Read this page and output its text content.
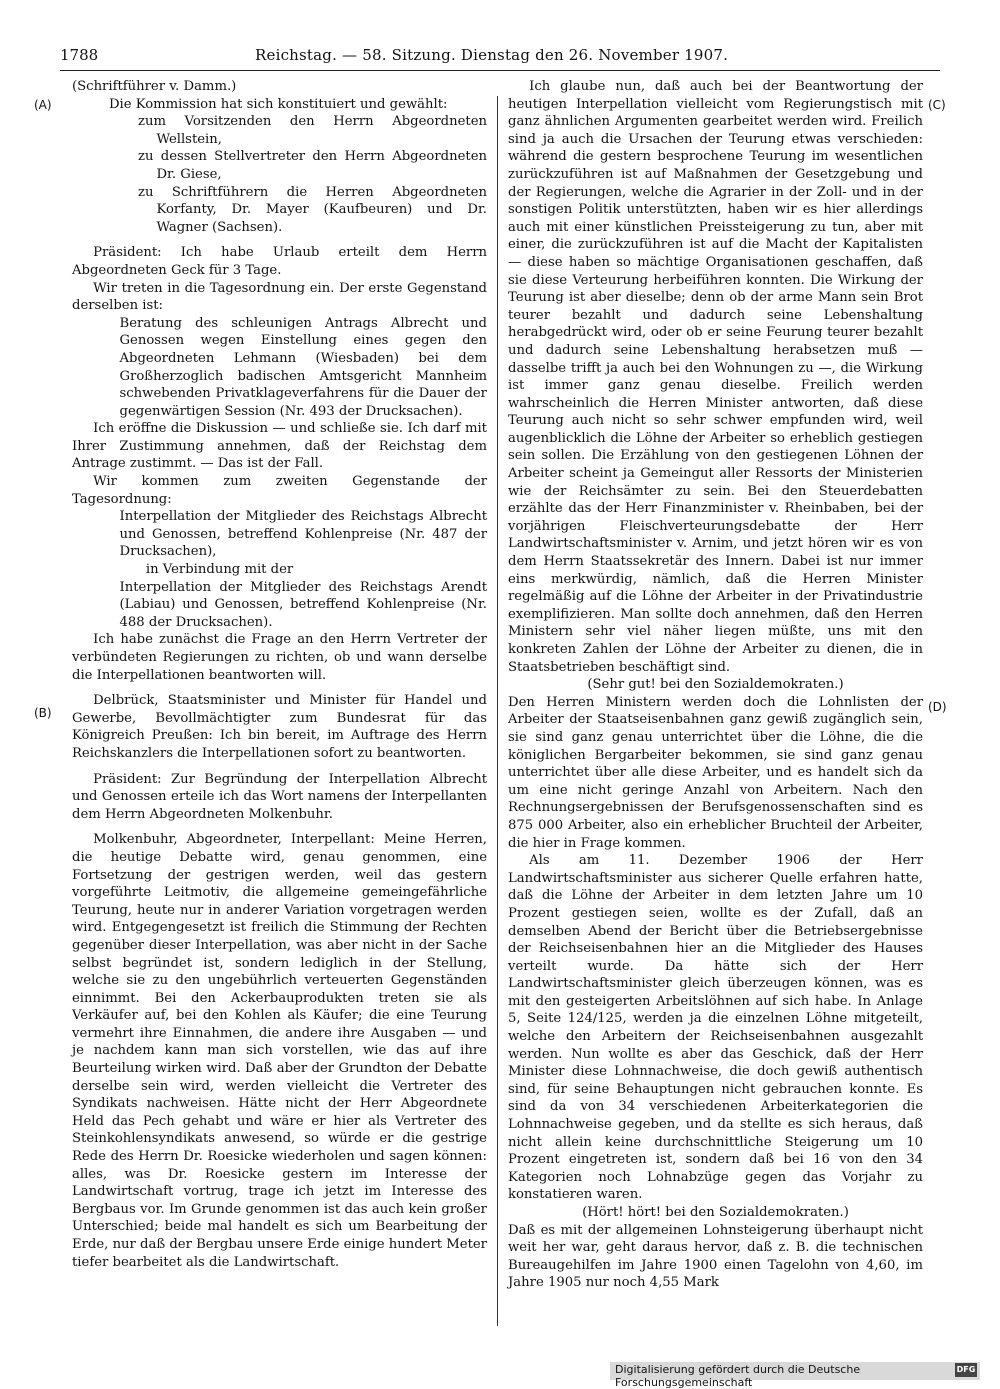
1788	Reichstag. — 58. Sitzung. Dienstag den 26. November 1907.
(A)
(B)
(C)
(D)

(Schriftführer v. Damm.)

Die Kommission hat sich konstituiert und gewählt:

zum Vorsitzenden den Herrn Abgeordneten Wellstein,

zu dessen Stellvertreter den Herrn Abgeordneten Dr. Giese,

zu Schriftführern die Herren Abgeordneten Korfanty, Dr. Mayer (Kaufbeuren) und Dr. Wagner (Sachsen).

Präsident: Ich habe Urlaub erteilt dem Herrn Abgeordneten Geck für 3 Tage.

Wir treten in die Tagesordnung ein. Der erste Gegenstand derselben ist:

Beratung des schleunigen Antrags Albrecht und Genossen wegen Einstellung eines gegen den Abgeordneten Lehmann (Wiesbaden) bei dem Großherzoglich badischen Amtsgericht Mannheim schwebenden Privatklageverfahrens für die Dauer der gegenwärtigen Session (Nr. 493 der Drucksachen).

Ich eröffne die Diskussion — und schließe sie. Ich darf mit Ihrer Zustimmung annehmen, daß der Reichstag dem Antrage zustimmt. — Das ist der Fall.

Wir kommen zum zweiten Gegenstande der Tagesordnung:

Interpellation der Mitglieder des Reichstags Albrecht und Genossen, betreffend Kohlenpreise (Nr. 487 der Drucksachen),

in Verbindung mit der

Interpellation der Mitglieder des Reichstags Arendt (Labiau) und Genossen, betreffend Kohlenpreise (Nr. 488 der Drucksachen).

Ich habe zunächst die Frage an den Herrn Vertreter der verbündeten Regierungen zu richten, ob und wann derselbe die Interpellationen beantworten will.

Delbrück, Staatsminister und Minister für Handel und Gewerbe, Bevollmächtigter zum Bundesrat für das Königreich Preußen: Ich bin bereit, im Auftrage des Herrn Reichskanzlers die Interpellationen sofort zu beantworten.

Präsident: Zur Begründung der Interpellation Albrecht und Genossen erteile ich das Wort namens der Interpellanten dem Herrn Abgeordneten Molkenbuhr.

Molkenbuhr, Abgeordneter, Interpellant: Meine Herren, die heutige Debatte wird, genau genommen, eine Fortsetzung der gestrigen werden, weil das gestern vorgeführte Leitmotiv, die allgemeine gemeingefährliche Teurung, heute nur in anderer Variation vorgetragen werden wird. Entgegengesetzt ist freilich die Stimmung der Rechten gegenüber dieser Interpellation, was aber nicht in der Sache selbst begründet ist, sondern lediglich in der Stellung, welche sie zu den ungebührlich verteuerten Gegenständen einnimmt. Bei den Ackerbauprodukten treten sie als Verkäufer auf, bei den Kohlen als Käufer; die eine Teurung vermehrt ihre Einnahmen, die andere ihre Ausgaben — und je nachdem kann man sich vorstellen, wie das auf ihre Beurteilung wirken wird. Daß aber der Grundton der Debatte derselbe sein wird, werden vielleicht die Vertreter des Syndikats nachweisen. Hätte nicht der Herr Abgeordnete Held das Pech gehabt und wäre er hier als Vertreter des Steinkohlensyndikats anwesend, so würde er die gestrige Rede des Herrn Dr. Roesicke wiederholen und sagen können: alles, was Dr. Roesicke gestern im Interesse der Landwirtschaft vortrug, trage ich jetzt im Interesse des Bergbaus vor. Im Grunde genommen ist das auch kein großer Unterschied; beide mal handelt es sich um Bearbeitung der Erde, nur daß der Bergbau unsere Erde einige hundert Meter tiefer bearbeitet als die Landwirtschaft.

Ich glaube nun, daß auch bei der Beantwortung der heutigen Interpellation vielleicht vom Regierungstisch mit ganz ähnlichen Argumenten gearbeitet werden wird. Freilich sind ja auch die Ursachen der Teurung etwas verschieden: während die gestern besprochene Teurung im wesentlichen zurückzuführen ist auf Maßnahmen der Gesetzgebung und der Regierungen, welche die Agrarier in der Zoll- und in der sonstigen Politik unterstützten, haben wir es hier allerdings auch mit einer künstlichen Preissteigerung zu tun, aber mit einer, die zurückzuführen ist auf die Macht der Kapitalisten — diese haben so mächtige Organisationen geschaffen, daß sie diese Verteurung herbeiführen konnten. Die Wirkung der Teurung ist aber dieselbe; denn ob der arme Mann sein Brot teurer bezahlt und dadurch seine Lebenshaltung herabgedrückt wird, oder ob er seine Feurung teurer bezahlt und dadurch seine Lebenshaltung herabsetzen muß — dasselbe trifft ja auch bei den Wohnungen zu —, die Wirkung ist immer ganz genau dieselbe. Freilich werden wahrscheinlich die Herren Minister antworten, daß diese Teurung auch nicht so sehr schwer empfunden wird, weil augenblicklich die Löhne der Arbeiter so erheblich gestiegen sein sollen. Die Erzählung von den gestiegenen Löhnen der Arbeiter scheint ja Gemeingut aller Ressorts der Ministerien wie der Reichsämter zu sein. Bei den Steuerdebatten erzählte das der Herr Finanzminister v. Rheinbaben, bei der vorjährigen Fleischverteurungsdebatte der Herr Landwirtschaftsminister v. Arnim, und jetzt hören wir es von dem Herrn Staatssekretär des Innern. Dabei ist nur immer eins merkwürdig, nämlich, daß die Herren Minister regelmäßig auf die Löhne der Arbeiter in der Privatindustrie exemplifizieren. Man sollte doch annehmen, daß den Herren Ministern sehr viel näher liegen müßte, uns mit den konkreten Zahlen der Löhne der Arbeiter zu dienen, die in Staatsbetrieben beschäftigt sind.

(Sehr gut! bei den Sozialdemokraten.)

Den Herren Ministern werden doch die Lohnlisten der Arbeiter der Staatseisenbahnen ganz gewiß zugänglich sein, sie sind ganz genau unterrichtet über die Löhne, die die königlichen Bergarbeiter bekommen, sie sind ganz genau unterrichtet über alle diese Arbeiter, und es handelt sich da um eine nicht geringe Anzahl von Arbeitern. Nach den Rechnungsergebnissen der Berufsgenossenschaften sind es 875 000 Arbeiter, also ein erheblicher Bruchteil der Arbeiter, die hier in Frage kommen.

Als am 11. Dezember 1906 der Herr Landwirtschaftsminister aus sicherer Quelle erfahren hatte, daß die Löhne der Arbeiter in dem letzten Jahre um 10 Prozent gestiegen seien, wollte es der Zufall, daß an demselben Abend der Bericht über die Betriebsergebnisse der Reichseisenbahnen hier an die Mitglieder des Hauses verteilt wurde. Da hätte sich der Herr Landwirtschaftsminister gleich überzeugen können, was es mit den gesteigerten Arbeitslöhnen auf sich habe. In Anlage 5, Seite 124/125, werden ja die einzelnen Löhne mitgeteilt, welche den Arbeitern der Reichseisenbahnen ausgezahlt werden. Nun wollte es aber das Geschick, daß der Herr Minister diese Lohnnachweise, die doch gewiß authentisch sind, für seine Behauptungen nicht gebrauchen konnte. Es sind da von 34 verschiedenen Arbeiterkategorien die Lohnnachweise gegeben, und da stellte es sich heraus, daß nicht allein keine durchschnittliche Steigerung um 10 Prozent eingetreten ist, sondern daß bei 16 von den 34 Kategorien noch Lohnabzüge gegen das Vorjahr zu konstatieren waren.

(Hört! hört! bei den Sozialdemokraten.)

Daß es mit der allgemeinen Lohnsteigerung überhaupt nicht weit her war, geht daraus hervor, daß z. B. die technischen Bureaugehilfen im Jahre 1900 einen Tagelohn von 4,60, im Jahre 1905 nur noch 4,55 Mark

Digitalisierung gefördert durch die Deutsche Forschungsgemeinschaft
DFG
